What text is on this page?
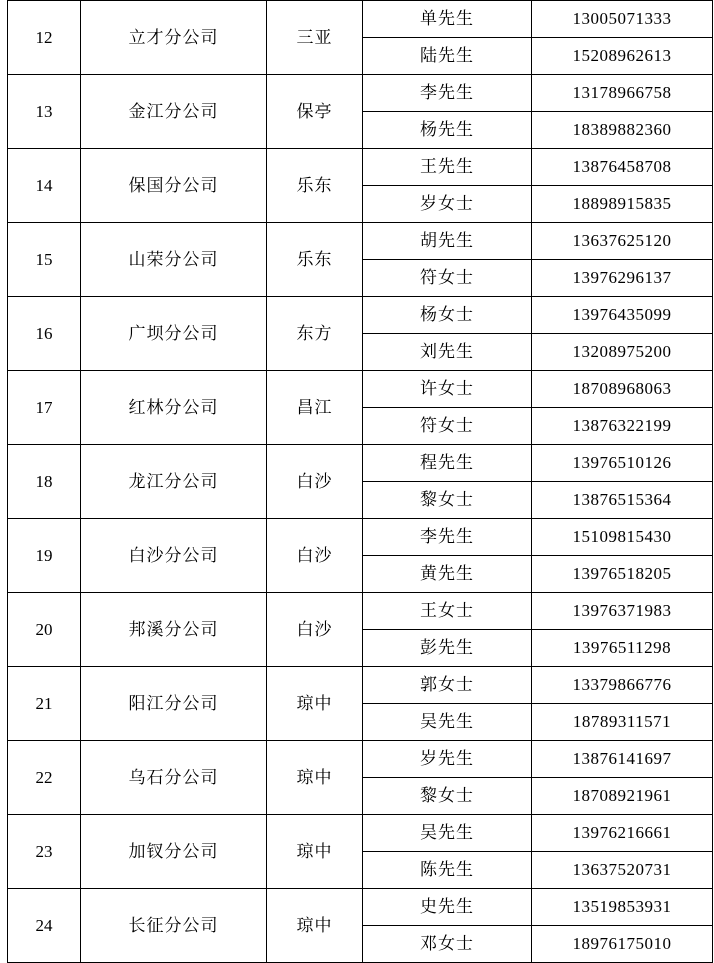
12	立才分公司	三亚	单先生	13005071333
			陆先生	15208962613
13	金江分公司	保亭	李先生	13178966758
			杨先生	18389882360
14	保国分公司	乐东	王先生	13876458708
			岁女士	18898915835
15	山荣分公司	乐东	胡先生	13637625120
			符女士	13976296137
16	广坝分公司	东方	杨女士	13976435099
			刘先生	13208975200
17	红林分公司	昌江	许女士	18708968063
			符女士	13876322199
18	龙江分公司	白沙	程先生	13976510126
			黎女士	13876515364
19	白沙分公司	白沙	李先生	15109815430
			黄先生	13976518205
20	邦溪分公司	白沙	王女士	13976371983
			彭先生	13976511298
21	阳江分公司	琼中	郭女士	13379866776
			吴先生	18789311571
22	乌石分公司	琼中	岁先生	13876141697
			黎女士	18708921961
23	加钗分公司	琼中	吴先生	13976216661
			陈先生	13637520731
24	长征分公司	琼中	史先生	13519853931
			邓女士	18976175010
